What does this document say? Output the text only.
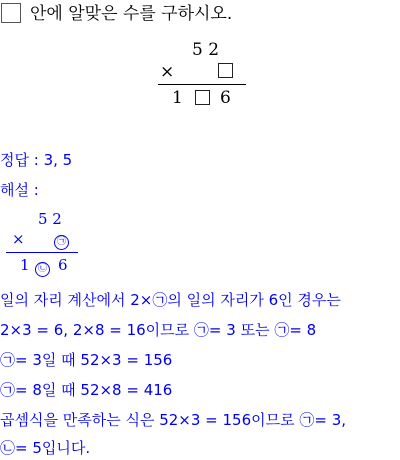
안에 알맞은 수를 구하시오.
5 2
×
1 6
정답 : 3, 5
해설 :
5 2
×	㉠
1 ㉡ 6
일의 자리 계산에서 2×㉠의 일의 자리가 6인 경우는
2×3 = 6, 2×8 = 16이므로 ㉠= 3 또는 ㉠= 8
㉠= 3일 때 52×3 = 156
㉠= 8일 때 52×8 = 416
곱셈식을 만족하는 식은 52×3 = 156이므로 ㉠= 3,
㉡= 5입니다.
